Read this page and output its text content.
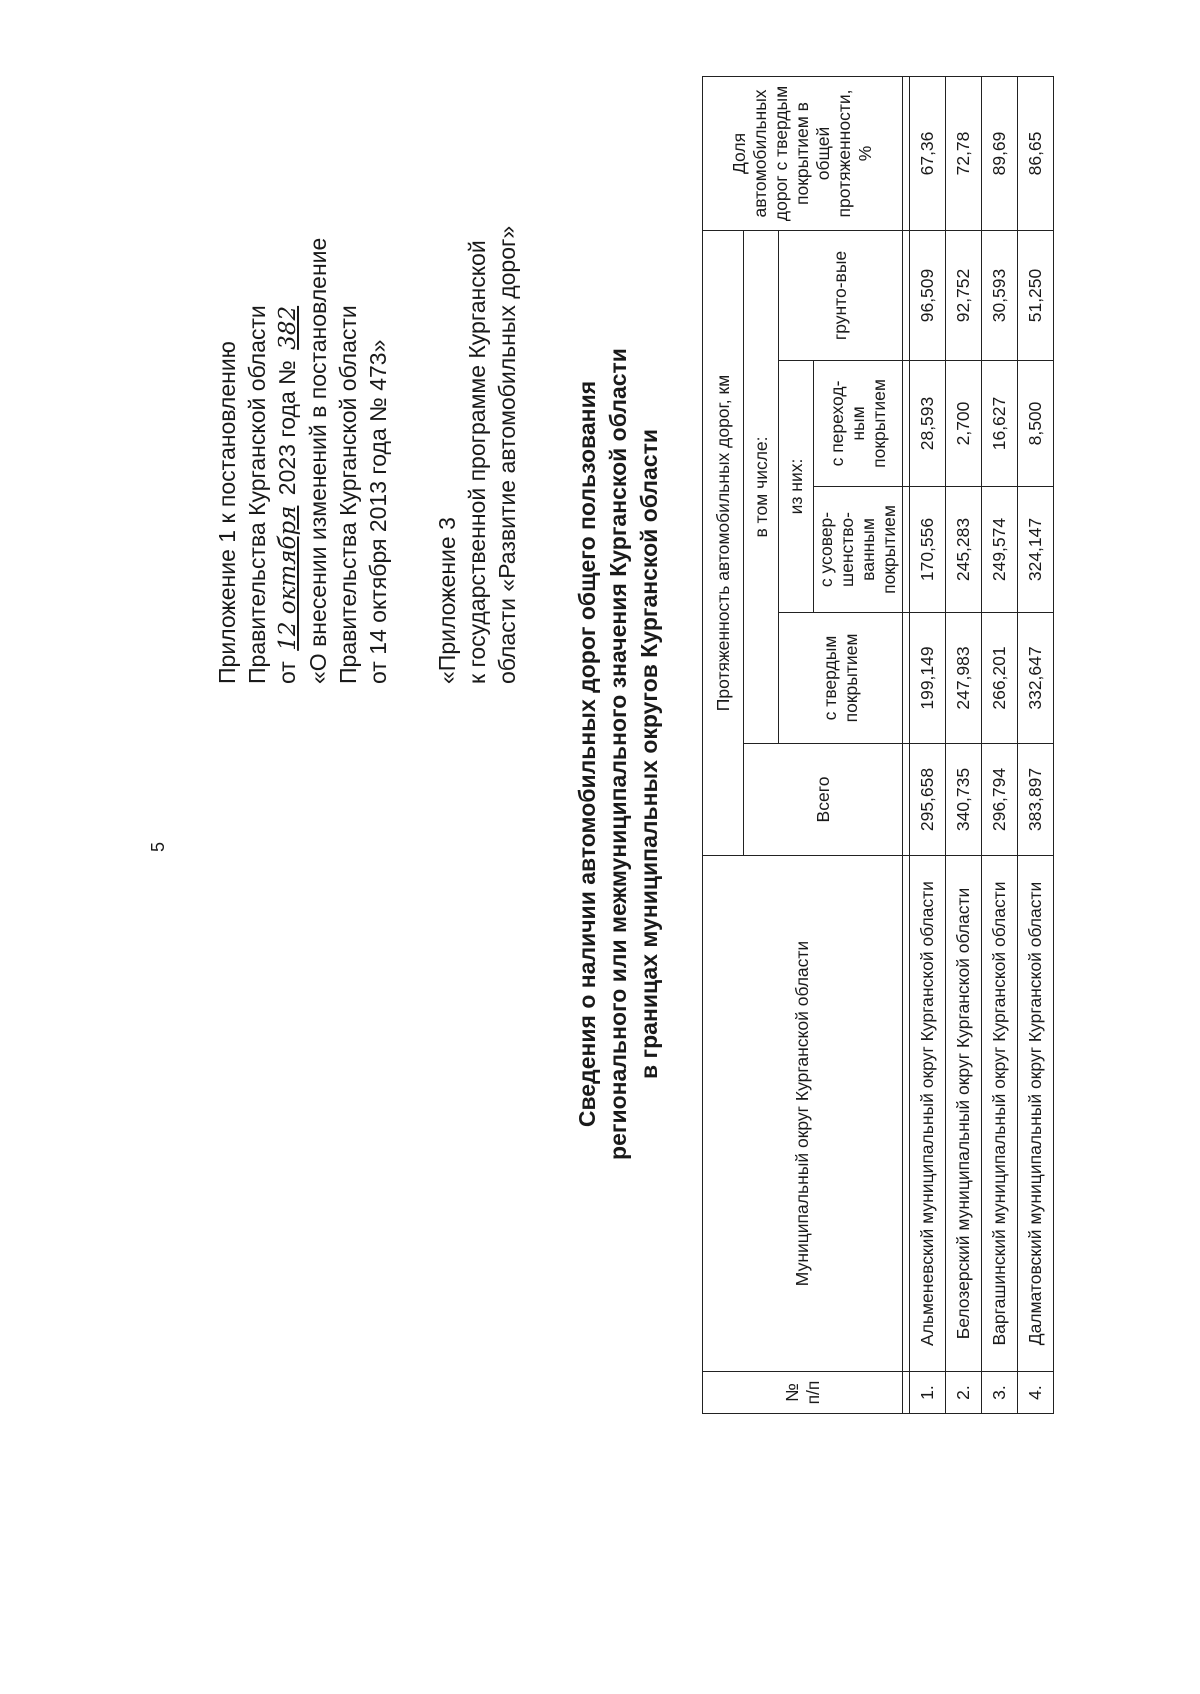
5
Приложение 1 к постановлению Правительства Курганской области от 12 октября 2023 года № 382 «О внесении изменений в постановление Правительства Курганской области от 14 октября 2013 года № 473» «Приложение 3 к государственной программе Курганской области «Развитие автомобильных дорог» Сведения о наличии автомобильных дорог общего пользования регионального или межмуниципального значения Курганской области в границах муниципальных округов Курганской области
№ п/п	Муниципальный округ Курганской области	Протяженность автомобильных дорог, км					Доля автомобильных дорог с твердым покрытием в общей протяженности, %
		Всего	в том числе:				
			с твердым покрытием	из них:		грунто-вые	
				с усовер-шенство-ванным покрытием	с переход-ным покрытием		

1.	Альменевский муниципальный округ Курганской области	295,658	199,149	170,556	28,593	96,509	67,36
2.	Белозерский муниципальный округ Курганской области	340,735	247,983	245,283	2,700	92,752	72,78
3.	Варгашинский муниципальный округ Курганской области	296,794	266,201	249,574	16,627	30,593	89,69
4.	Далматовский муниципальный округ Курганской области	383,897	332,647	324,147	8,500	51,250	86,65
